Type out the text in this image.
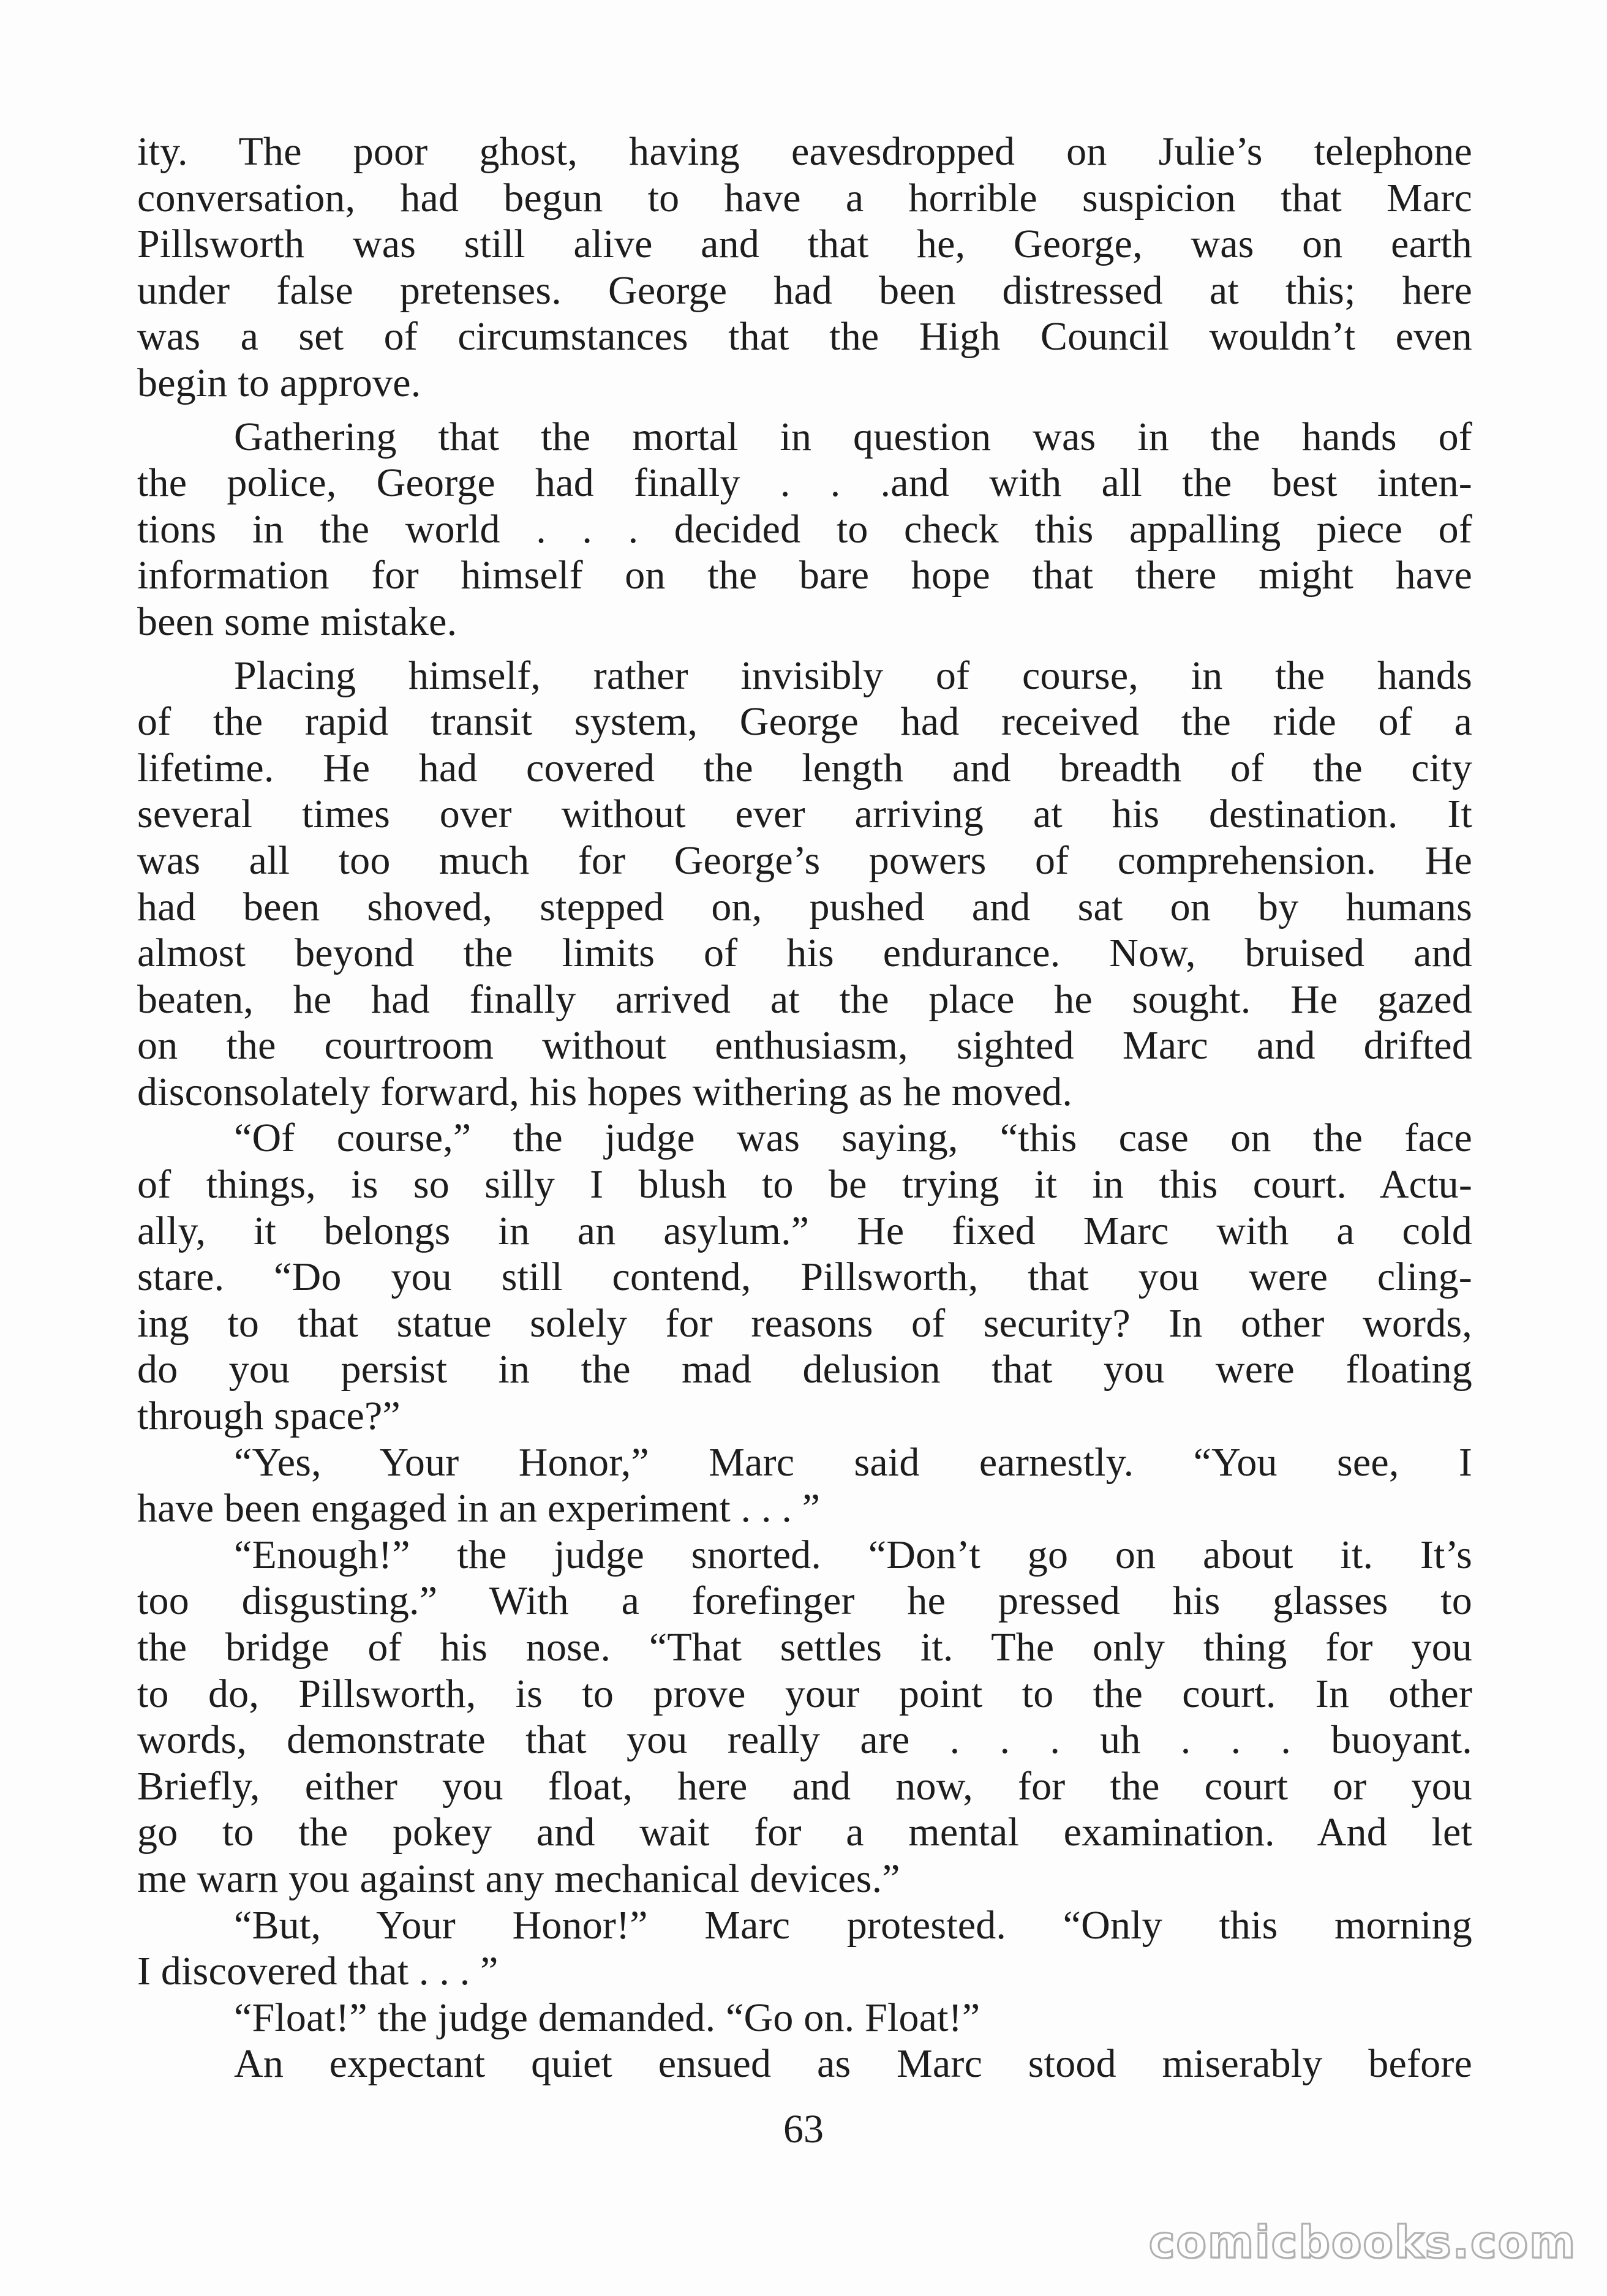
ity. The poor ghost, having eavesdropped on Julie’s telephone
conversation, had begun to have a horrible suspicion that Marc
Pillsworth was still alive and that he, George, was on earth
under false pretenses. George had been distressed at this; here
was a set of circumstances that the High Council wouldn’t even
begin to approve.
Gathering that the mortal in question was in the hands of
the police, George had finally . . .and with all the best inten-
tions in the world . . . decided to check this appalling piece of
information for himself on the bare hope that there might have
been some mistake.
Placing himself, rather invisibly of course, in the hands
of the rapid transit system, George had received the ride of a
lifetime. He had covered the length and breadth of the city
several times over without ever arriving at his destination. It
was all too much for George’s powers of comprehension. He
had been shoved, stepped on, pushed and sat on by humans
almost beyond the limits of his endurance. Now, bruised and
beaten, he had finally arrived at the place he sought. He gazed
on the courtroom without enthusiasm, sighted Marc and drifted
disconsolately forward, his hopes withering as he moved.
“Of course,” the judge was saying, “this case on the face
of things, is so silly I blush to be trying it in this court. Actu-
ally, it belongs in an asylum.” He fixed Marc with a cold
stare. “Do you still contend, Pillsworth, that you were cling-
ing to that statue solely for reasons of security? In other words,
do you persist in the mad delusion that you were floating
through space?”
“Yes, Your Honor,” Marc said earnestly. “You see, I
have been engaged in an experiment . . . ”
“Enough!” the judge snorted. “Don’t go on about it. It’s
too disgusting.” With a forefinger he pressed his glasses to
the bridge of his nose. “That settles it. The only thing for you
to do, Pillsworth, is to prove your point to the court. In other
words, demonstrate that you really are . . . uh . . . buoyant.
Briefly, either you float, here and now, for the court or you
go to the pokey and wait for a mental examination. And let
me warn you against any mechanical devices.”
“But, Your Honor!” Marc protested. “Only this morning
I discovered that . . . ”
“Float!” the judge demanded. “Go on. Float!”
An expectant quiet ensued as Marc stood miserably before
63
comicbooks.com
